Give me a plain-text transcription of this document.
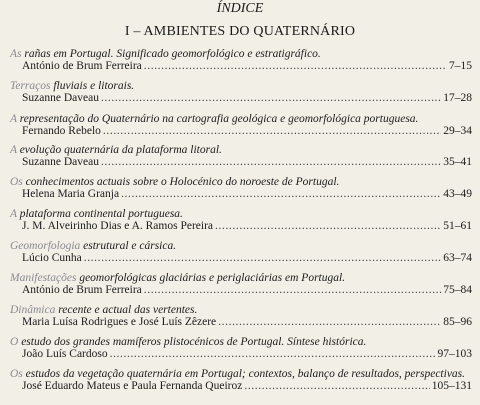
ÍNDICE
I – AMBIENTES DO QUATERNÁRIO
As rañas em Portugal. Significado geomorfológico e estratigráfico.
António de Brum Ferreira .....	7–15
Terraços fluviais e litorais.
Suzanne Daveau .....	17–28
A representação do Quaternário na cartografia geológica e geomorfológica portuguesa.
Fernando Rebelo .....	29–34
A evolução quaternária da plataforma litoral.
Suzanne Daveau .....	35–41
Os conhecimentos actuais sobre o Holocénico do noroeste de Portugal.
Helena Maria Granja .....	43–49
A plataforma continental portuguesa.
J. M. Alveirinho Dias e A. Ramos Pereira .....	51–61
Geomorfologia estrutural e cársica.
Lúcio Cunha .....	63–74
Manifestações geomorfológicas glaciárias e periglaciárias em Portugal.
António de Brum Ferreira .....	75–84
Dinâmica recente e actual das vertentes.
Maria Luísa Rodrigues e José Luís Zêzere .....	85–96
O estudo dos grandes mamíferos plistocénicos de Portugal. Síntese histórica.
João Luís Cardoso .....	97–103
Os estudos da vegetação quaternária em Portugal; contextos, balanço de resultados, perspectivas.
José Eduardo Mateus e Paula Fernanda Queiroz .....	105–131
